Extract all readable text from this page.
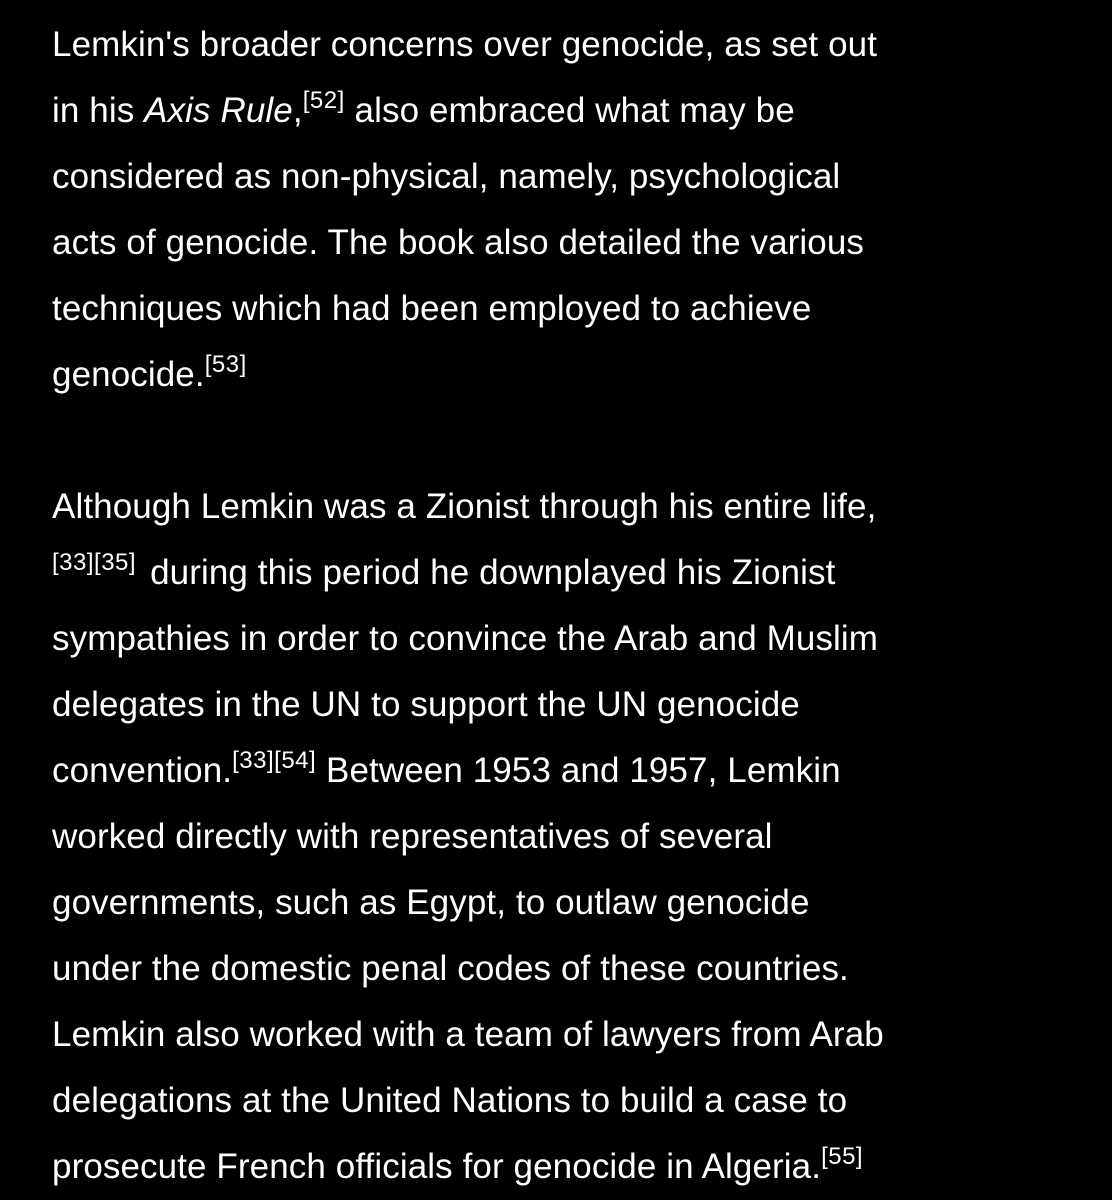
Lemkin's broader concerns over genocide, as set out
in his Axis Rule,[52] also embraced what may be
considered as non-physical, namely, psychological
acts of genocide. The book also detailed the various
techniques which had been employed to achieve
genocide.[53]

Although Lemkin was a Zionist through his entire life,
[33][35] during this period he downplayed his Zionist
sympathies in order to convince the Arab and Muslim
delegates in the UN to support the UN genocide
convention.[33][54] Between 1953 and 1957, Lemkin
worked directly with representatives of several
governments, such as Egypt, to outlaw genocide
under the domestic penal codes of these countries.
Lemkin also worked with a team of lawyers from Arab
delegations at the United Nations to build a case to
prosecute French officials for genocide in Algeria.[55]
